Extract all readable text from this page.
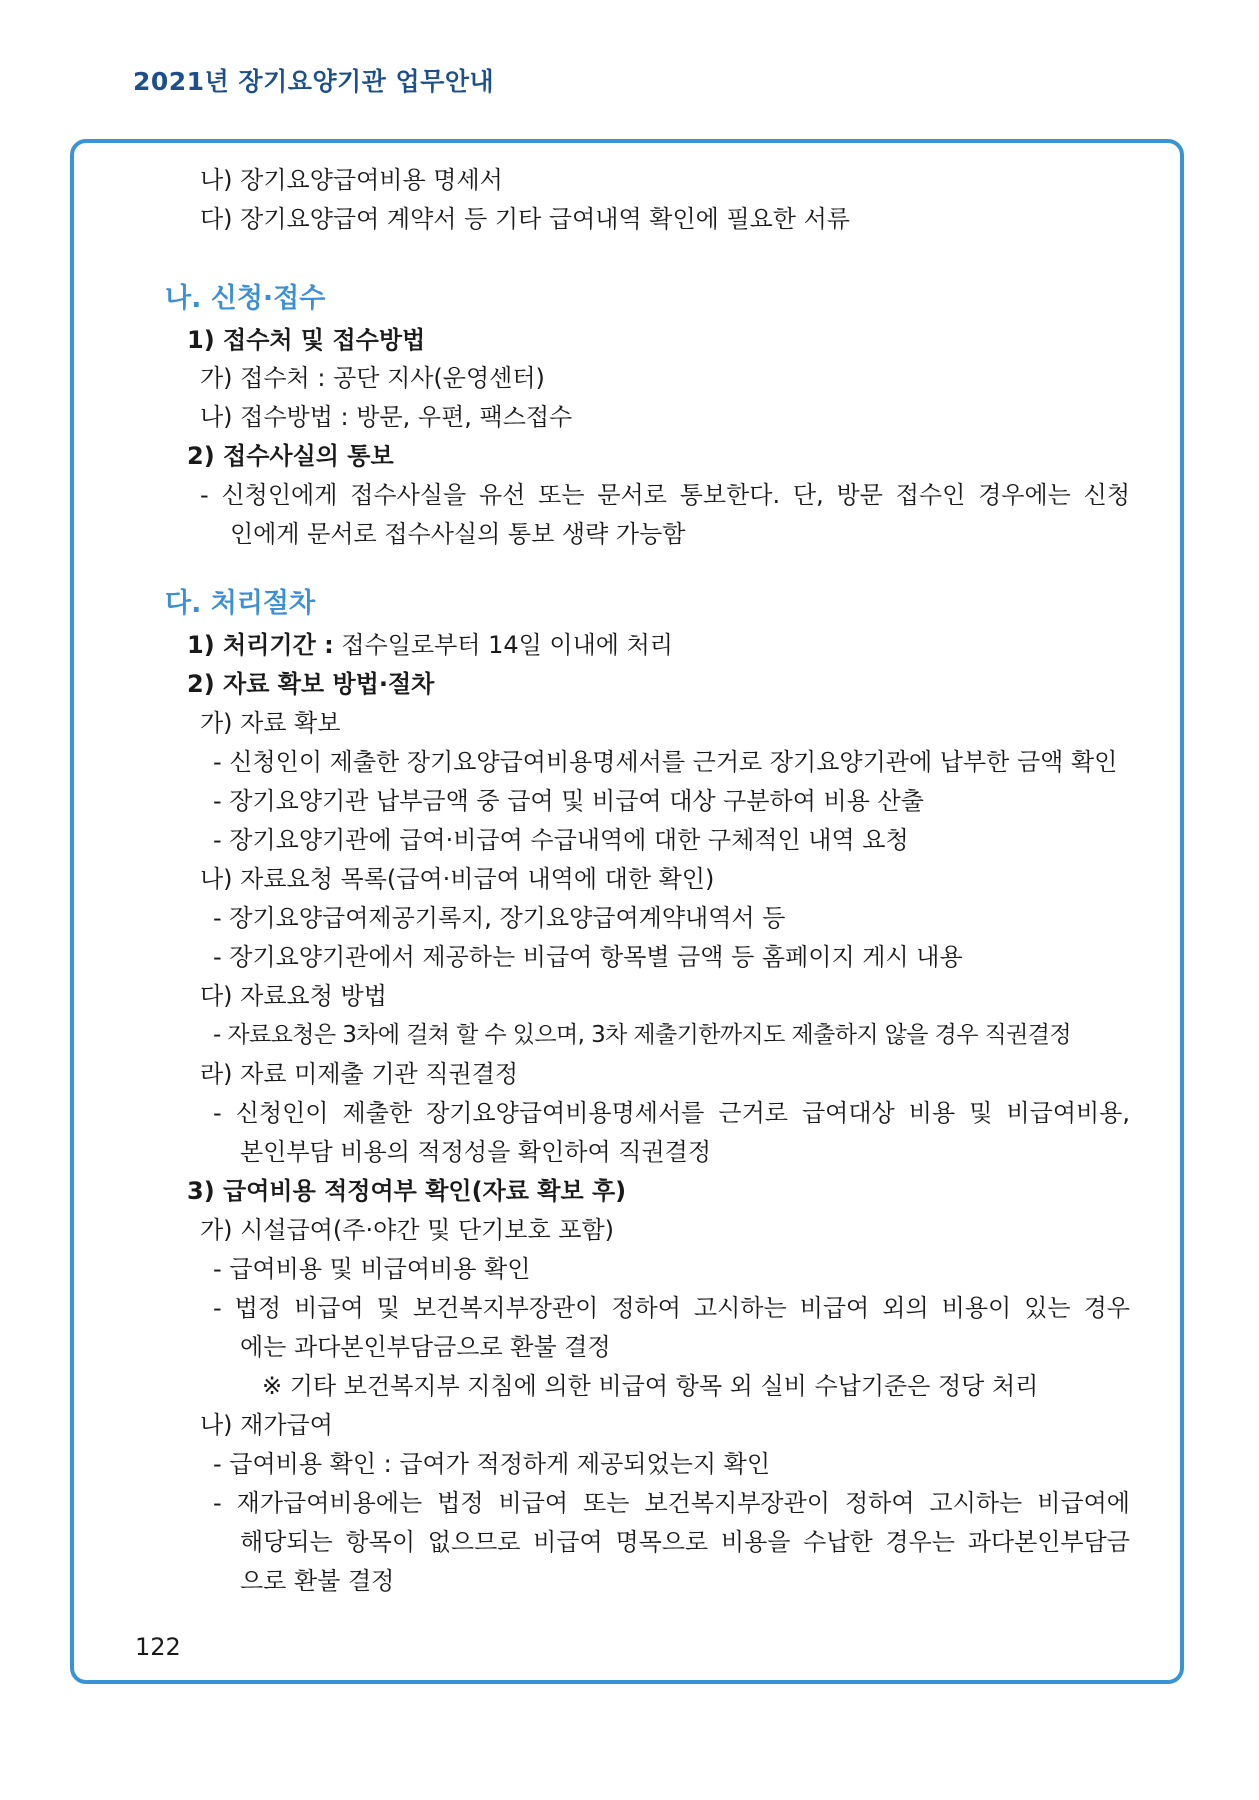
2021년 장기요양기관 업무안내
나) 장기요양급여비용 명세서
다) 장기요양급여 계약서 등 기타 급여내역 확인에 필요한 서류
나. 신청·접수
1) 접수처 및 접수방법
가) 접수처 : 공단 지사(운영센터)
나) 접수방법 : 방문, 우편, 팩스접수
2) 접수사실의 통보
- 신청인에게 접수사실을 유선 또는 문서로 통보한다. 단, 방문 접수인 경우에는 신청
인에게 문서로 접수사실의 통보 생략 가능함
다. 처리절차
1) 처리기간 : 접수일로부터 14일 이내에 처리
2) 자료 확보 방법·절차
가) 자료 확보
- 신청인이 제출한 장기요양급여비용명세서를 근거로 장기요양기관에 납부한 금액 확인
- 장기요양기관 납부금액 중 급여 및 비급여 대상 구분하여 비용 산출
- 장기요양기관에 급여·비급여 수급내역에 대한 구체적인 내역 요청
나) 자료요청 목록(급여·비급여 내역에 대한 확인)
- 장기요양급여제공기록지, 장기요양급여계약내역서 등
- 장기요양기관에서 제공하는 비급여 항목별 금액 등 홈페이지 게시 내용
다) 자료요청 방법
- 자료요청은 3차에 걸쳐 할 수 있으며, 3차 제출기한까지도 제출하지 않을 경우 직권결정
라) 자료 미제출 기관 직권결정
- 신청인이 제출한 장기요양급여비용명세서를 근거로 급여대상 비용 및 비급여비용,
본인부담 비용의 적정성을 확인하여 직권결정
3) 급여비용 적정여부 확인(자료 확보 후)
가) 시설급여(주·야간 및 단기보호 포함)
- 급여비용 및 비급여비용 확인
- 법정 비급여 및 보건복지부장관이 정하여 고시하는 비급여 외의 비용이 있는 경우
에는 과다본인부담금으로 환불 결정
※ 기타 보건복지부 지침에 의한 비급여 항목 외 실비 수납기준은 정당 처리
나) 재가급여
- 급여비용 확인 : 급여가 적정하게 제공되었는지 확인
- 재가급여비용에는 법정 비급여 또는 보건복지부장관이 정하여 고시하는 비급여에
해당되는 항목이 없으므로 비급여 명목으로 비용을 수납한 경우는 과다본인부담금
으로 환불 결정
122
